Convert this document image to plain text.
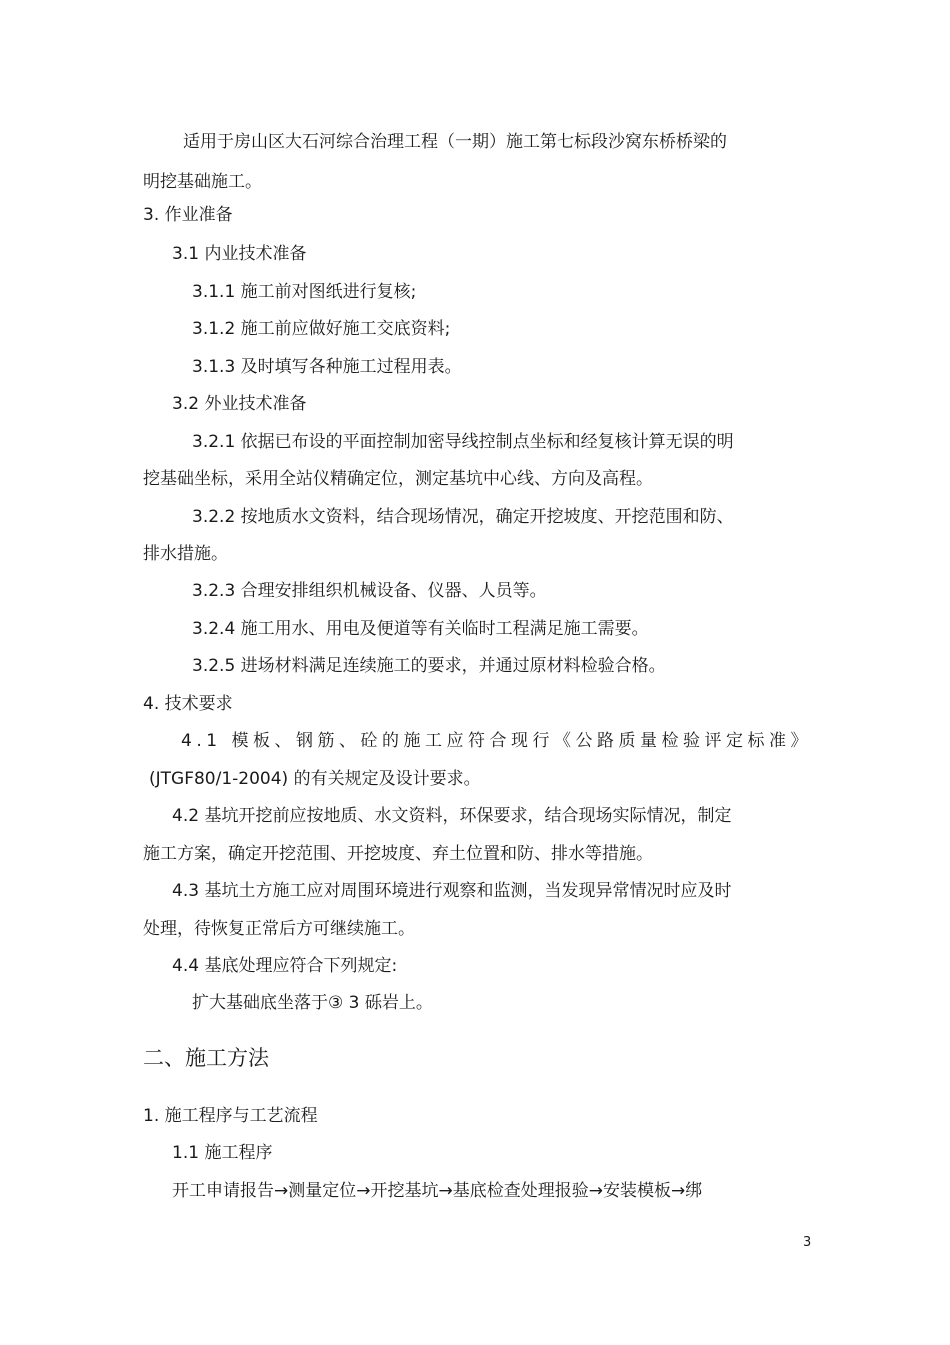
适用于房山区大石河综合治理工程（一期）施工第七标段沙窝东桥桥梁的
明挖基础施工。
3. 作业准备
3.1 内业技术准备
3.1.1 施工前对图纸进行复核;
3.1.2 施工前应做好施工交底资料;
3.1.3 及时填写各种施工过程用表。
3.2 外业技术准备
3.2.1 依据已布设的平面控制加密导线控制点坐标和经复核计算无误的明
挖基础坐标，采用全站仪精确定位，测定基坑中心线、方向及高程。
3.2.2 按地质水文资料，结合现场情况，确定开挖坡度、开挖范围和防、
排水措施。
3.2.3 合理安排组织机械设备、仪器、人员等。
3.2.4 施工用水、用电及便道等有关临时工程满足施工需要。
3.2.5 进场材料满足连续施工的要求，并通过原材料检验合格。
4. 技术要求
4.1 模板、钢筋、砼的施工应符合现行《公路质量检验评定标准》
(JTGF80/1-2004) 的有关规定及设计要求。
4.2 基坑开挖前应按地质、水文资料，环保要求，结合现场实际情况，制定
施工方案，确定开挖范围、开挖坡度、弃土位置和防、排水等措施。
4.3 基坑土方施工应对周围环境进行观察和监测，当发现异常情况时应及时
处理，待恢复正常后方可继续施工。
4.4 基底处理应符合下列规定:
扩大基础底坐落于③ 3 砾岩上。
二、施工方法
1. 施工程序与工艺流程
1.1 施工程序
开工申请报告→测量定位→开挖基坑→基底检查处理报验→安装模板→绑
3
